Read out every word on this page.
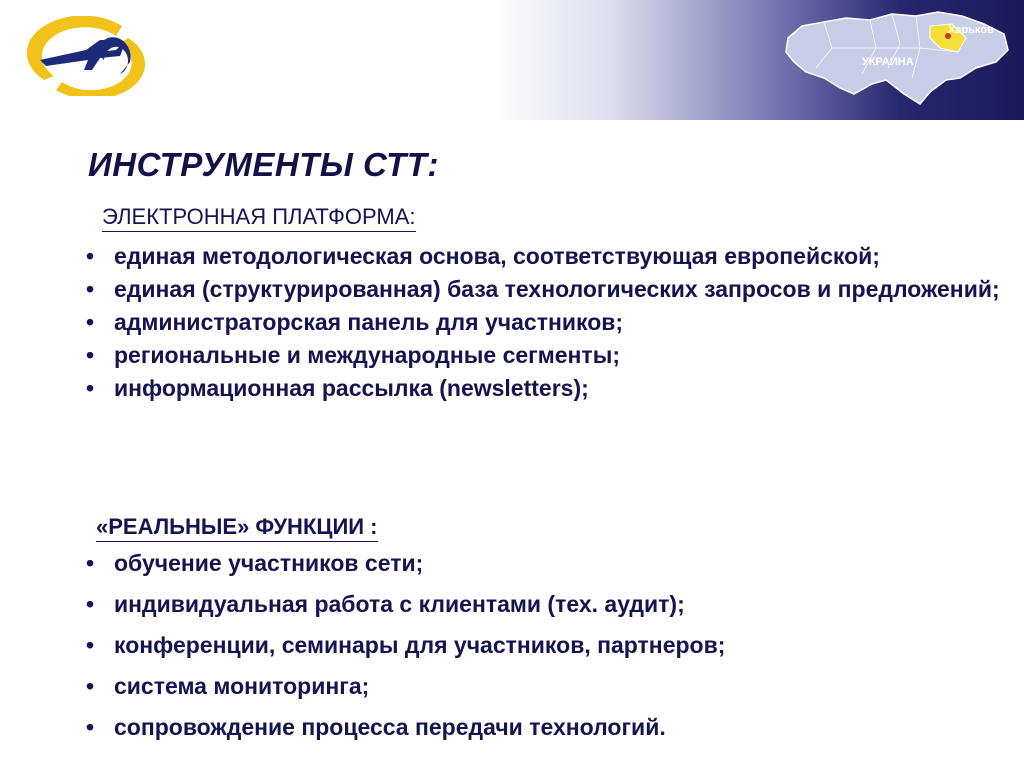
Харьков
УКРАИНА
ИНСТРУМЕНТЫ СТТ:
ЭЛЕКТРОННАЯ ПЛАТФОРМА:
• единая методологическая основа, соответствующая европейской;
• единая (структурированная) база технологических запросов и предложений;
• администраторская панель для участников;
• региональные и международные сегменты;
• информационная рассылка (newsletters);
«РЕАЛЬНЫЕ» ФУНКЦИИ :
• обучение участников сети;
• индивидуальная работа с клиентами (тех. аудит);
• конференции, семинары для участников, партнеров;
• система мониторинга;
• сопровождение процесса передачи технологий.
